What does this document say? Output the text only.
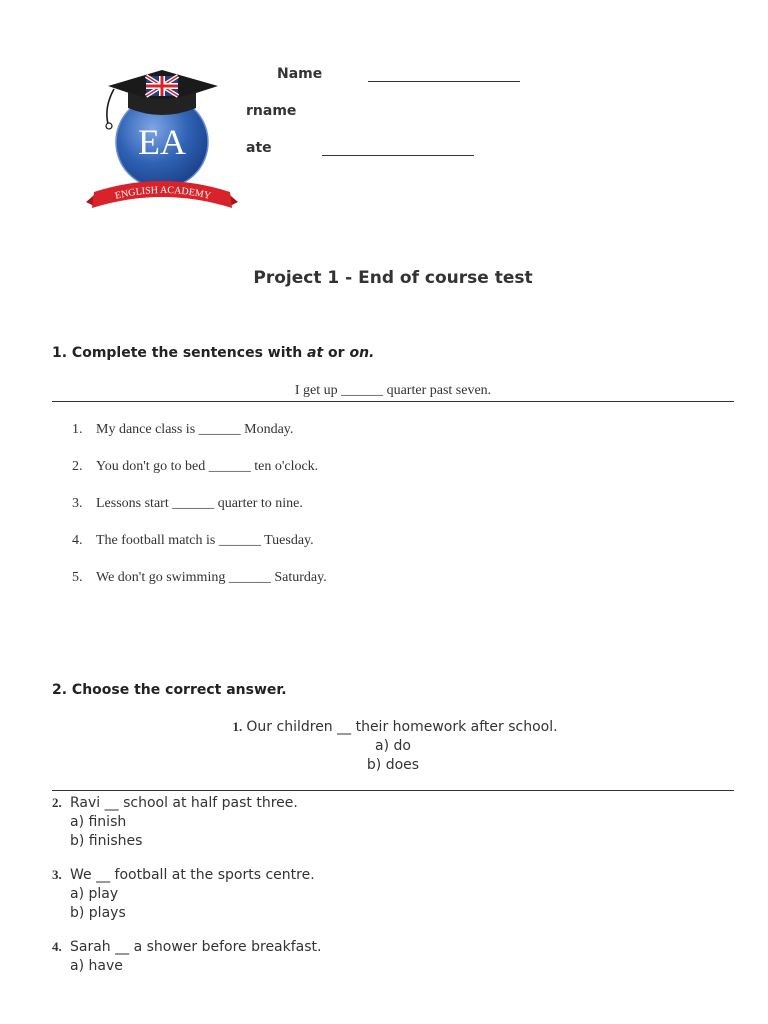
Name
rname
ate
EA
ENGLISH ACADEMY
Project 1 - End of course test
1. Complete the sentences with at or on.
I get up ______ quarter past seven.
1. My dance class is ______ Monday.
2. You don't go to bed ______ ten o'clock.
3. Lessons start ______ quarter to nine.
4. The football match is ______ Tuesday.
5. We don't go swimming ______ Saturday.
2. Choose the correct answer.
1. Our children __ their homework after school.
a) do
b) does
2. Ravi __ school at half past three.
a) finish
b) finishes
3. We __ football at the sports centre.
a) play
b) plays
4. Sarah __ a shower before breakfast.
a) have
